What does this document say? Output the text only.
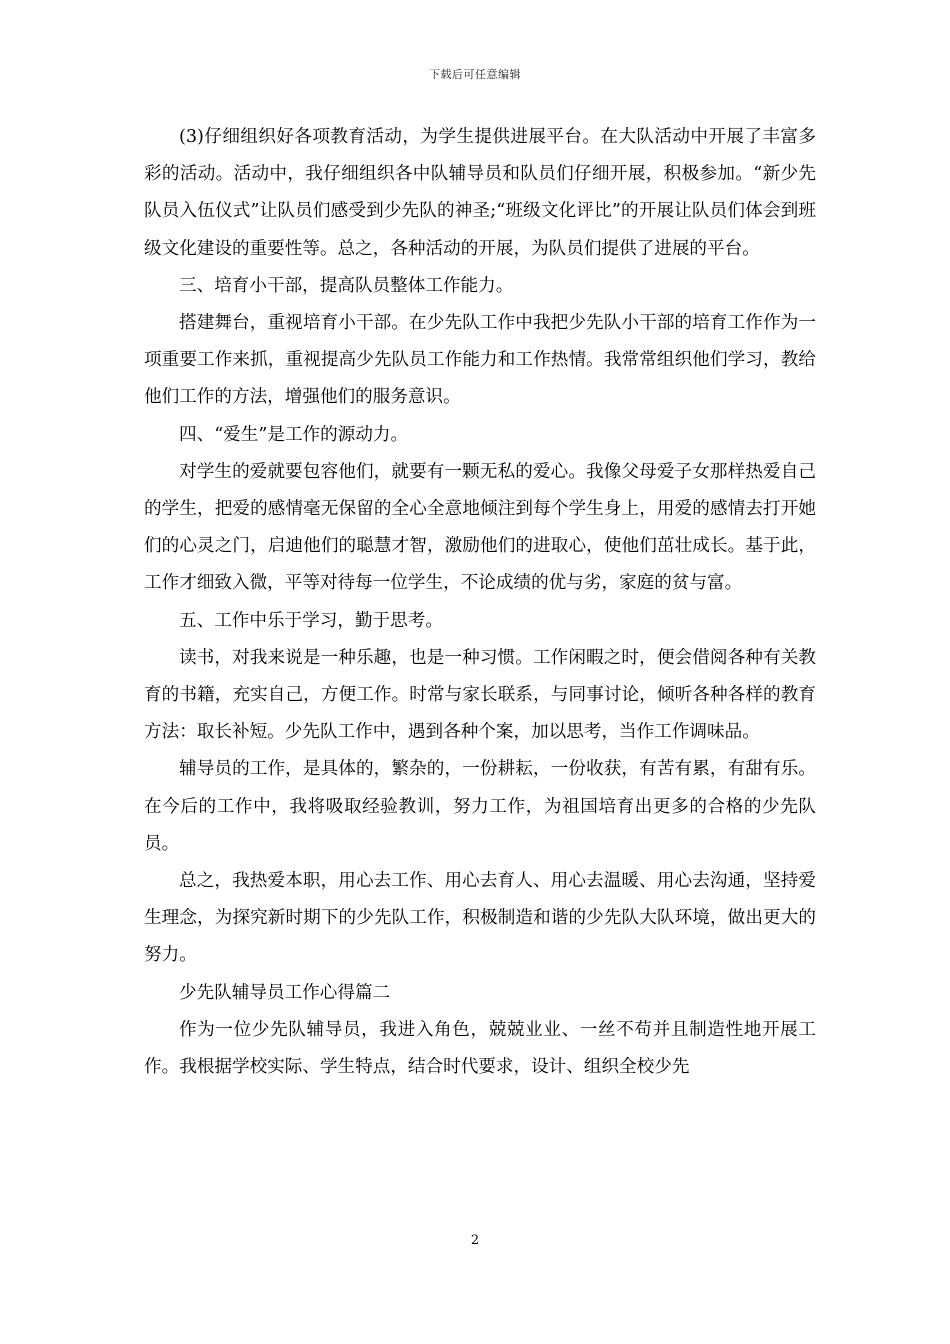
下载后可任意编辑

(3)仔细组织好各项教育活动，为学生提供进展平台。在大队活动中开展了丰富多彩的活动。活动中，我仔细组织各中队辅导员和队员们仔细开展，积极参加。“新少先队员入伍仪式”让队员们感受到少先队的神圣;“班级文化评比”的开展让队员们体会到班级文化建设的重要性等。总之，各种活动的开展，为队员们提供了进展的平台。

三、培育小干部，提高队员整体工作能力。

搭建舞台，重视培育小干部。在少先队工作中我把少先队小干部的培育工作作为一项重要工作来抓，重视提高少先队员工作能力和工作热情。我常常组织他们学习，教给他们工作的方法，增强他们的服务意识。

四、“爱生”是工作的源动力。

对学生的爱就要包容他们，就要有一颗无私的爱心。我像父母爱子女那样热爱自己的学生，把爱的感情毫无保留的全心全意地倾注到每个学生身上，用爱的感情去打开她们的心灵之门，启迪他们的聪慧才智，激励他们的进取心，使他们茁壮成长。基于此，工作才细致入微，平等对待每一位学生，不论成绩的优与劣，家庭的贫与富。

五、工作中乐于学习，勤于思考。

读书，对我来说是一种乐趣，也是一种习惯。工作闲暇之时，便会借阅各种有关教育的书籍，充实自己，方便工作。时常与家长联系，与同事讨论，倾听各种各样的教育方法：取长补短。少先队工作中，遇到各种个案，加以思考，当作工作调味品。

辅导员的工作，是具体的，繁杂的，一份耕耘，一份收获，有苦有累，有甜有乐。在今后的工作中，我将吸取经验教训，努力工作，为祖国培育出更多的合格的少先队员。

总之，我热爱本职，用心去工作、用心去育人、用心去温暖、用心去沟通，坚持爱生理念，为探究新时期下的少先队工作，积极制造和谐的少先队大队环境，做出更大的努力。

少先队辅导员工作心得篇二

作为一位少先队辅导员，我进入角色，兢兢业业、一丝不苟并且制造性地开展工作。我根据学校实际、学生特点，结合时代要求，设计、组织全校少先

2
